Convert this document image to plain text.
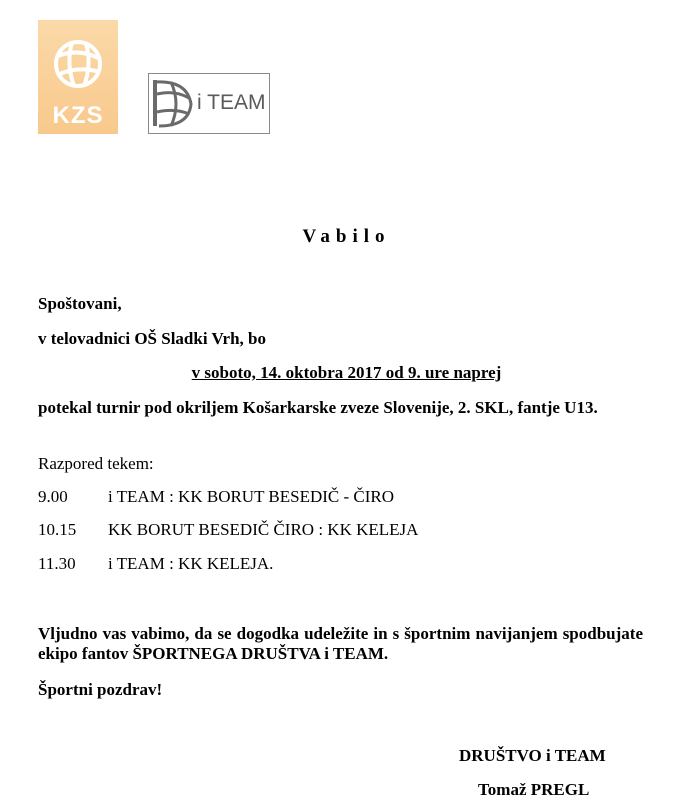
KZS	i TEAM
Vabilo
Spoštovani,
v telovadnici OŠ Sladki Vrh, bo
v soboto, 14. oktobra 2017 od 9. ure naprej
potekal turnir pod okriljem Košarkarske zveze Slovenije, 2. SKL, fantje U13.
Razpored tekem:
9.00 i TEAM : KK BORUT BESEDIČ - ČIRO
10.15 KK BORUT BESEDIČ ČIRO : KK KELEJA
11.30 i TEAM : KK KELEJA.
Vljudno vas vabimo, da se dogodka udeležite in s športnim navijanjem spodbujate ekipo fantov ŠPORTNEGA DRUŠTVA i TEAM.
Športni pozdrav!
DRUŠTVO i TEAM
Tomaž PREGL
